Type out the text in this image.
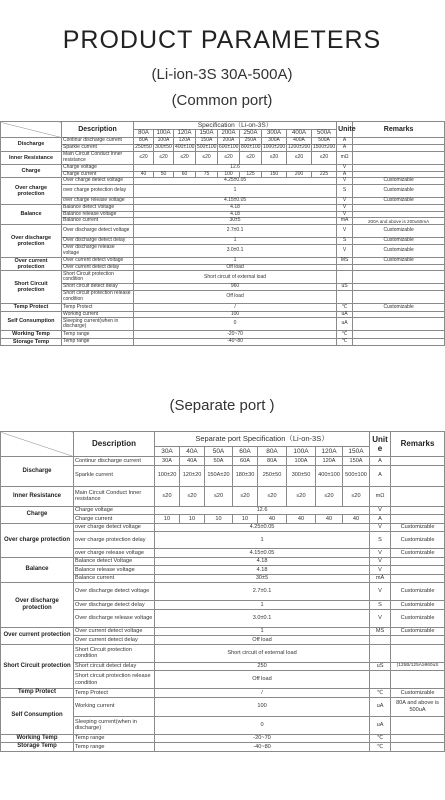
PRODUCT PARAMETERS
(Li-ion-3S 30A-500A)
(Common port)
	Description	Specification（Li-on-3S）									Unite	Remarks
		80A	100A	120A	150A	200A	250A	300A	400A	500A		
Discharge	Continur discharge current	80A	100A	120A	150A	200A	250A	300A	400A	500A	A	
	Sparkle current	250±50	300±50	400±100	500±100	600±100	800±100	1000±200	1200±200	1500±200	A	
Inner Resistance	Main Circuit Conduct Inner resistance	≤20	≤20	≤20	≤20	≤20	≤20	≤20	≤20	≤20	mΩ	
Charge	Charge voltage	12.6									V	
	Charge current	40	50	60	75	100	125	150	200	225	A	
Over charge protection	Over charge detect voltage	4.25±0.05									V	Customizable
	over charge protection delay	1									S	Customizable
	over charge release voltage	4.15±0.05									V	Customizable
Balance	Balance detect Voltage	4.18									V	
	Balance release voltage	4.18									V	
	Balance current	30±5									mA	200A and above is 200±50mA
Over discharge protection	Over discharge detect voltage	2.7±0.1									V	Customizable
	Over discharge detect delay	1									S	Customizable
	Over discharge release voltage	3.0±0.1									V	Customizable
Over current protection	Over current detect voltage	1									MS	Customizable
	Over current detect delay	Off load										
Short Circuit protection	Short Circuit protection condition	Short circuit of external load										
	Short circuit detect delay	960									uS	
	Short circuit protection release condition	Off load										
Temp Protect	Temp Protect	/									℃	Customizable
Self Consumption	Working current	100									uA	
	Sleeping current(when in discharge)	0									uA	
Working Temp	Temp range	-20~70									℃	
Storage Temp	Temp range	-40~80									℃	
(Separate port )
	Description	Separate port Specification（Li-on-3S）								Unit e	Remarks
		30A	40A	50A	60A	80A	100A	120A	150A		
Discharge	Continur discharge current	30A	40A	50A	60A	80A	100A	120A	150A	A	
	Sparkle current	100±20	120±20	150A±20	180±30	250±50	300±50	400±100	500±100	A	
Inner Resistance	Main Circuit Conduct Inner resistance	≤20	≤20	≤20	≤20	≤20	≤20	≤20	≤20	mΩ	
Charge	Charge voltage	12.6								V	
	Charge current	10	10	10	10	40	40	40	40	A	
Over charge protection	over charge detect voltage	4.25±0.05								V	Customizable
	over charge protection delay	1								S	Customizable
	over charge release voltage	4.15±0.05								V	Customizable
Balance	Balance detect Voltage	4.18								V	
	Balance release voltage	4.18								V	
	Balance current	30±5								mA	
Over discharge protection	Over discharge detect voltage	2.7±0.1								V	Customizable
	Over discharge detect delay	1								S	Customizable
	Over discharge release voltage	3.0±0.1								V	Customizable
Over current protection	Over current detect voltage	1								MS	Customizable
	Over current detect delay	Off load									
Short Circuit protection	Short Circuit protection condition	Short circuit of external load									
	Short circuit detect delay	250								uS	(125B/125A≥960uS
	Short circuit protection release condition	Off load									
Temp Protect	Temp Protect	/								℃	Customizable
Self Consumption	Working current	100								uA	80A and above is 500uA
	Sleeping current(when in discharge)	0								uA	
Working Temp	Temp range	-20~70								℃	
Storage Temp	Temp range	-40~80								℃	
